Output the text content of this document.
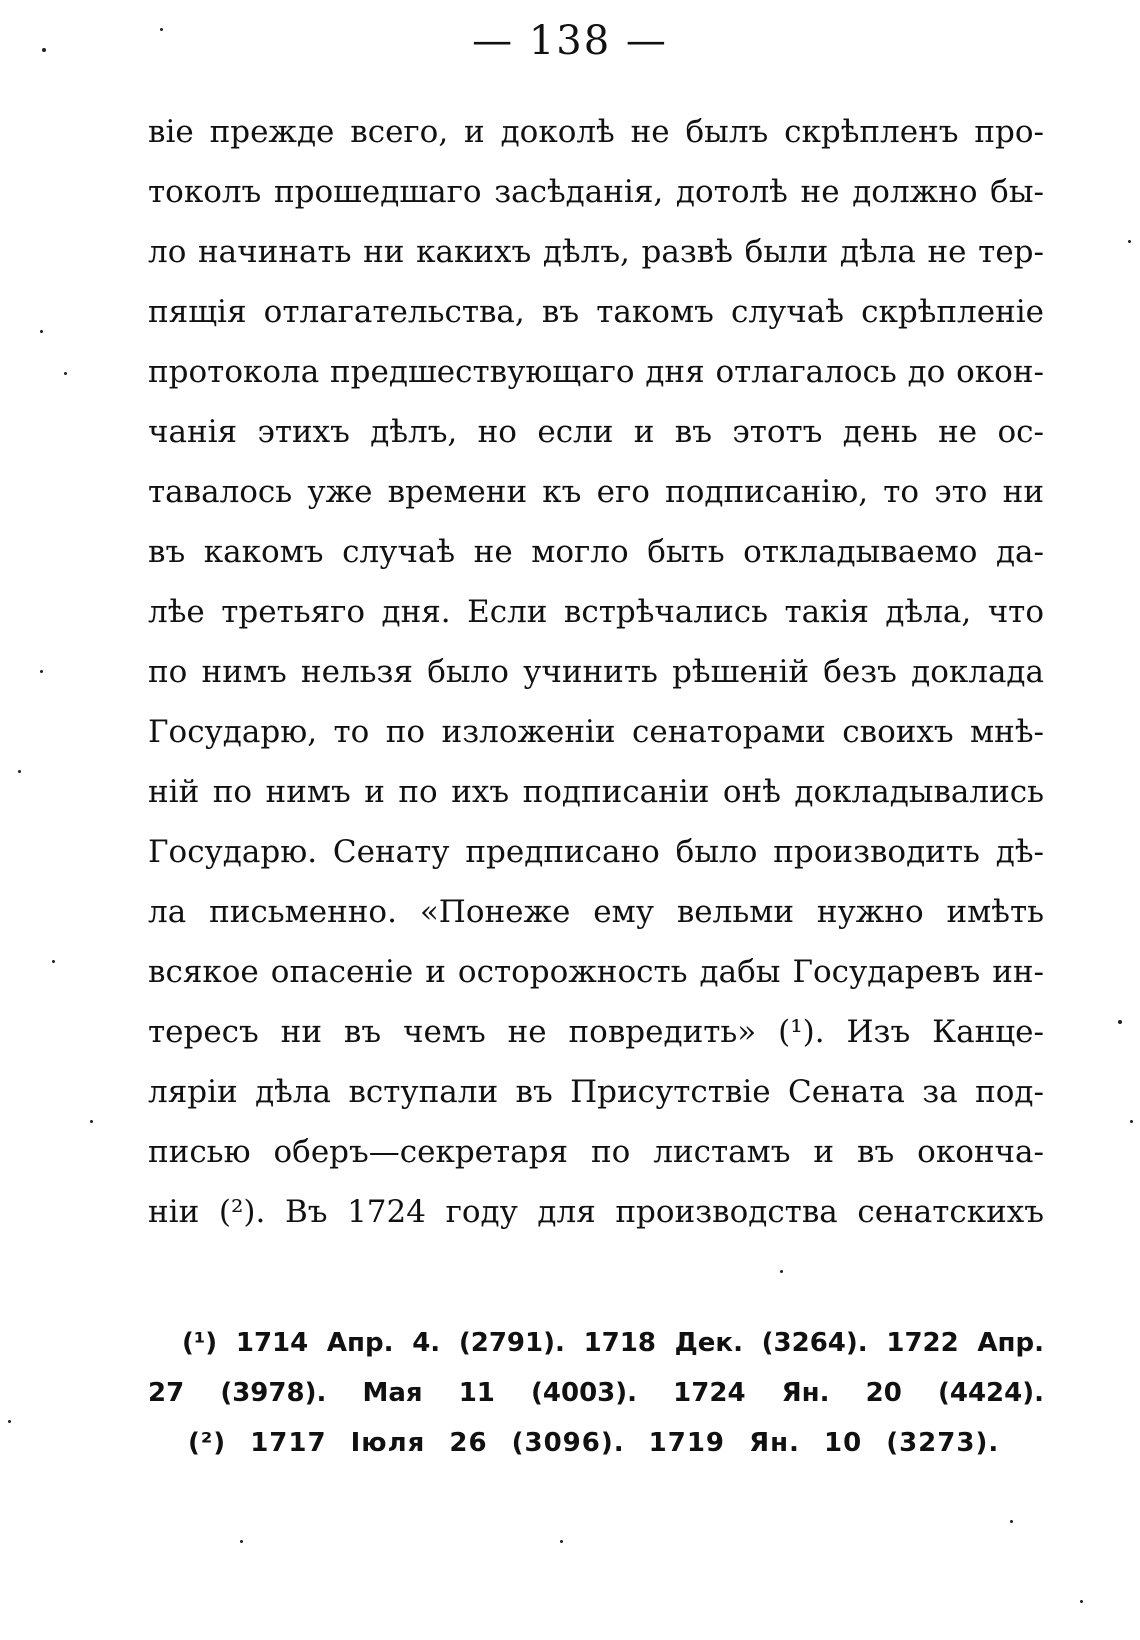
— 138 —
віе прежде всего, и доколѣ не былъ скрѣпленъ про-
токолъ прошедшаго засѣданія, дотолѣ не должно бы-
ло начинать ни какихъ дѣлъ, развѣ были дѣла не тер-
пящія отлагательства, въ такомъ случаѣ скрѣпленіе
протокола предшествующаго дня отлагалось до окон-
чанія этихъ дѣлъ, но если и въ этотъ день не ос-
тавалось уже времени къ его подписанію, то это ни
въ какомъ случаѣ не могло быть откладываемо да-
лѣе третьяго дня. Если встрѣчались такія дѣла, что
по нимъ нельзя было учинить рѣшеній безъ доклада
Государю, то по изложеніи сенаторами своихъ мнѣ-
ній по нимъ и по ихъ подписаніи онѣ докладывались
Государю. Сенату предписано было производить дѣ-
ла письменно. «Понеже ему вельми нужно имѣть
всякое опасеніе и осторожность дабы Государевъ ин-
тересъ ни въ чемъ не повредить» (¹). Изъ Канце-
ляріи дѣла вступали въ Присутствіе Сената за под-
писью оберъ—секретаря по листамъ и въ оконча-
ніи (²). Въ 1724 году для производства сенатскихъ
(¹) 1714 Апр. 4. (2791). 1718 Дек. (3264). 1722 Апр.
27 (3978). Мая 11 (4003). 1724 Ян. 20 (4424).
(²) 1717 Іюля 26 (3096). 1719 Ян. 10 (3273).
